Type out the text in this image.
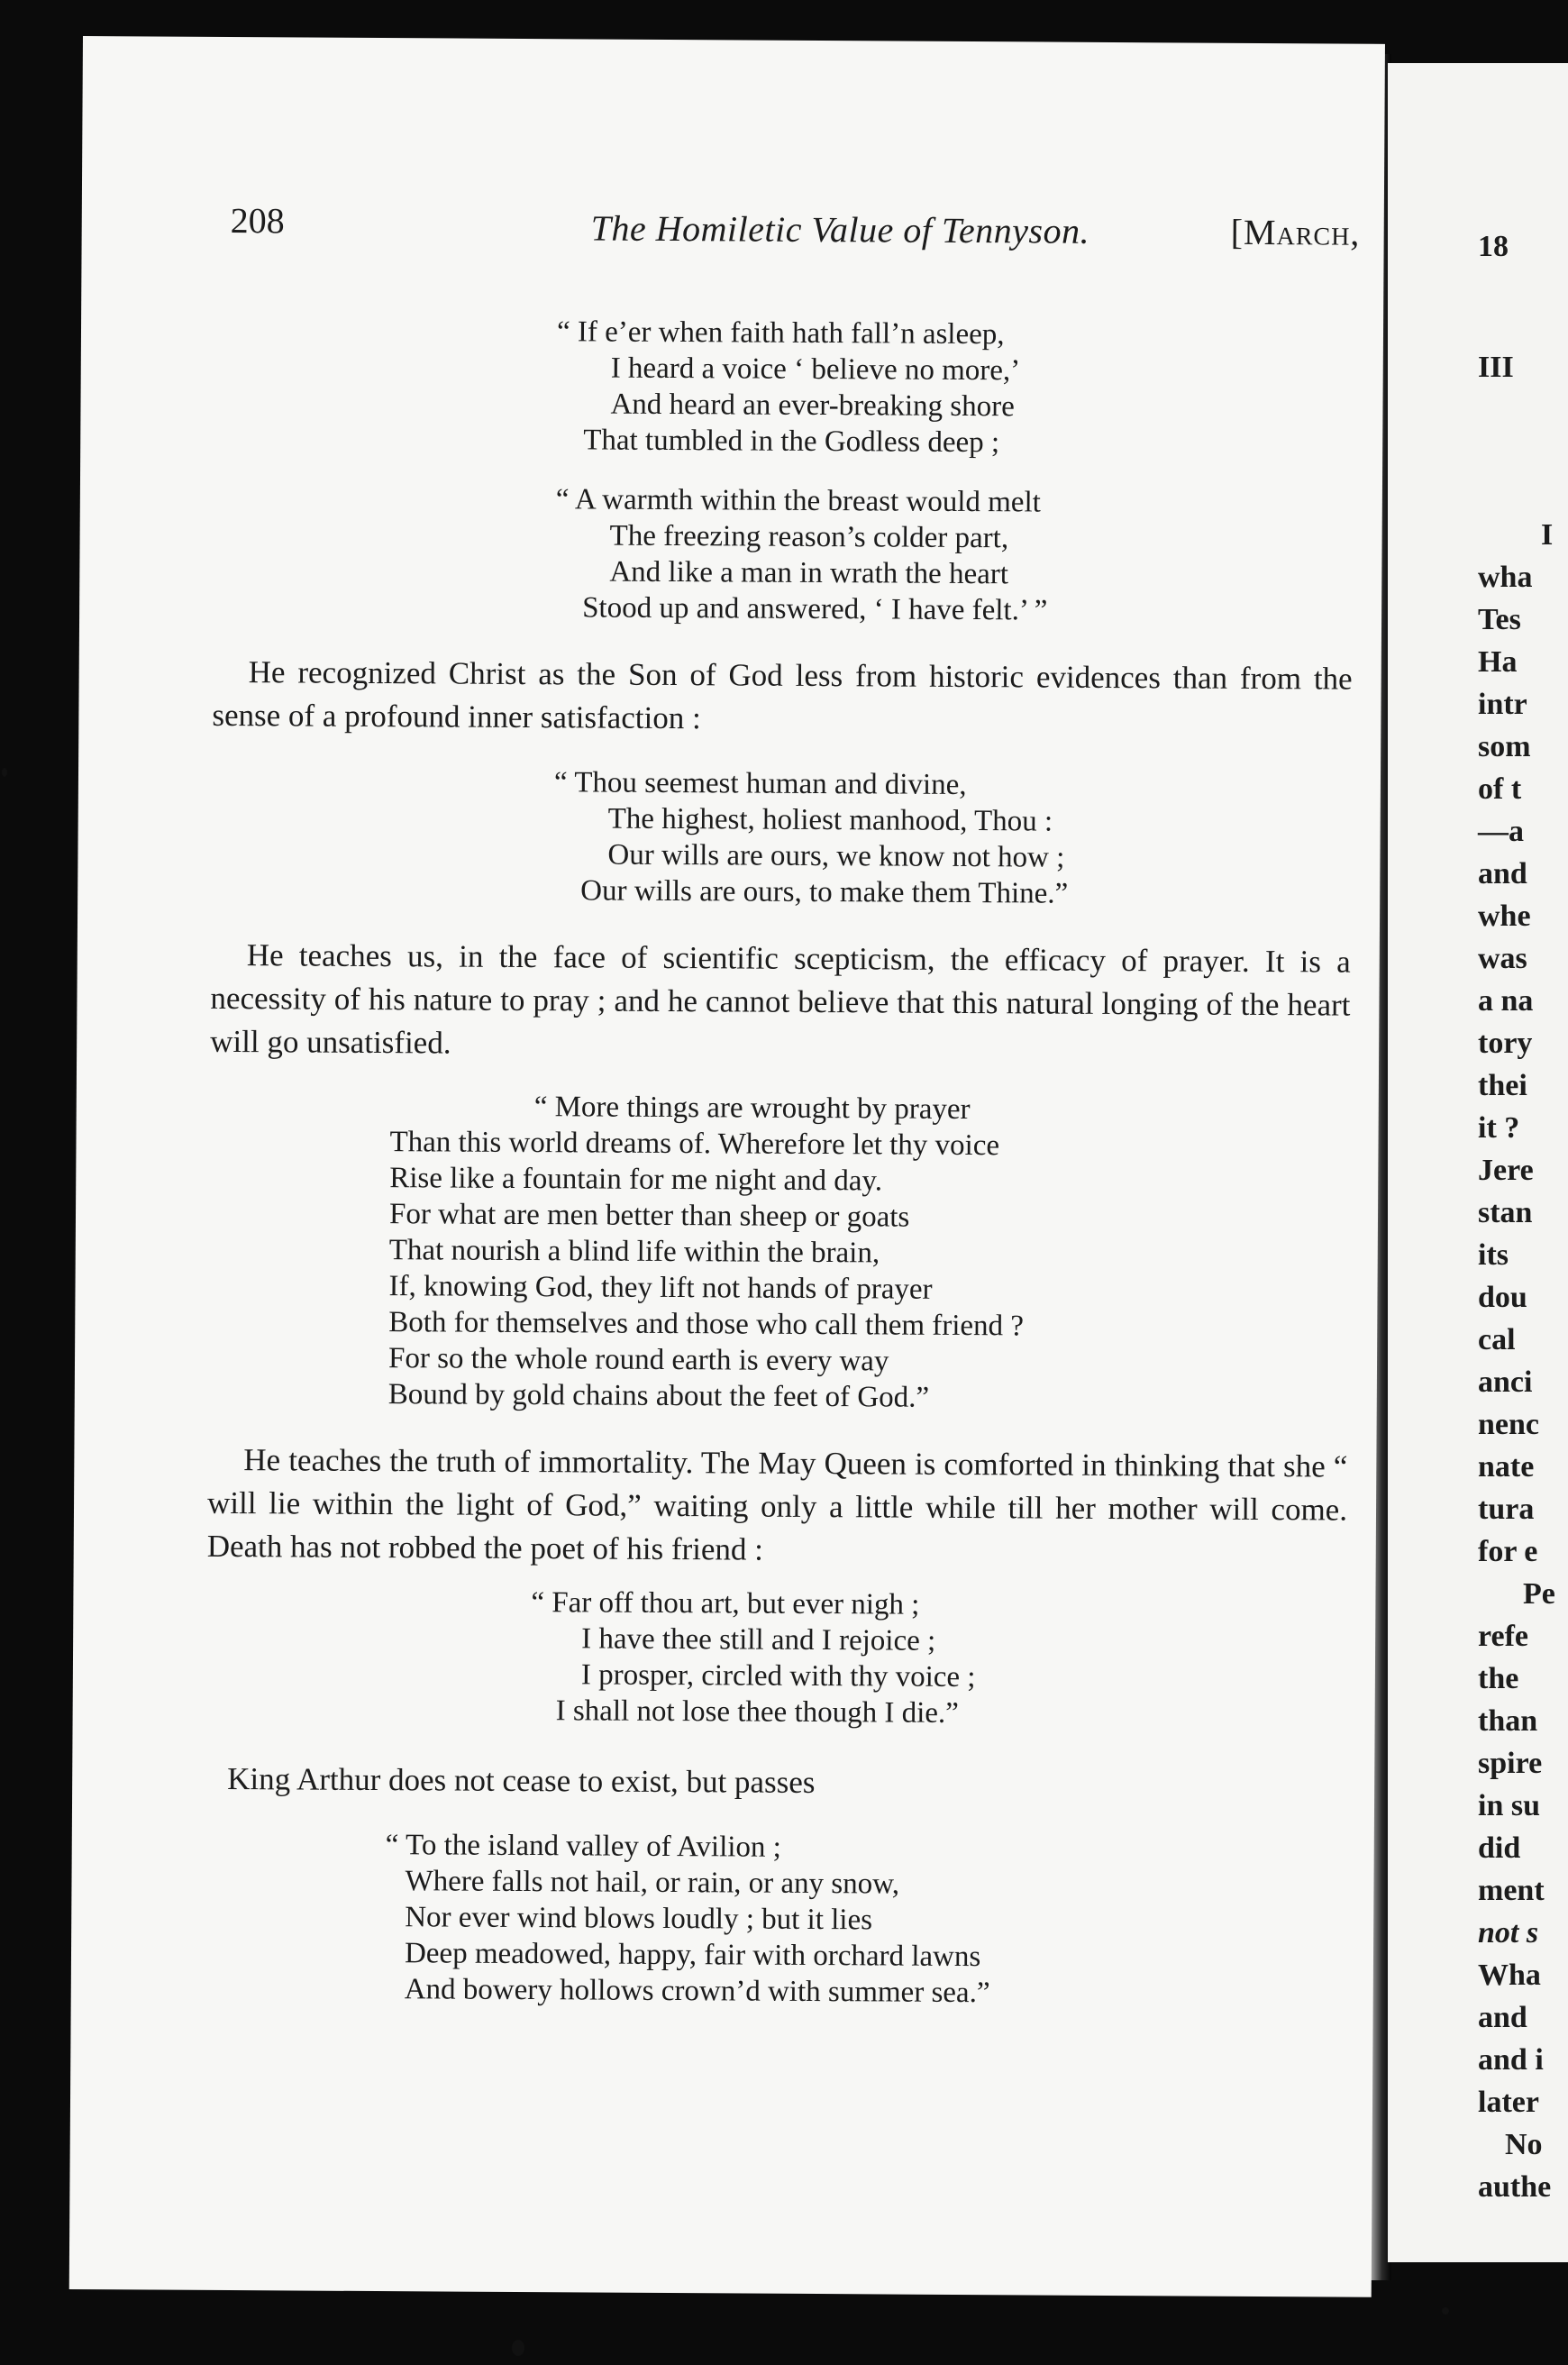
18
III
I
wha
Tes
Ha
intr
som
of t
—a
and
whe
was
a na
tory
thei
it ?
Jere
stan
its
dou
cal
anci
nenc
nate
tura
for e
Pe
refe
the
than
spire
in su
did
ment
not s
Wha
and
and i
later
No
authe
208	The Homiletic Value of Tennyson.	[March,
“ If e’er when faith hath fall’n asleep,
I heard a voice ‘ believe no more,’
And heard an ever-breaking shore
That tumbled in the Godless deep ;
“ A warmth within the breast would melt
The freezing reason’s colder part,
And like a man in wrath the heart
Stood up and answered, ‘ I have felt.’ ”

He recognized Christ as the Son of God less from historic evidences than from the sense of a profound inner satisfaction :

“ Thou seemest human and divine,
The highest, holiest manhood, Thou :
Our wills are ours, we know not how ;
Our wills are ours, to make them Thine.”

He teaches us, in the face of scientific scepticism, the efficacy of prayer. It is a necessity of his nature to pray ; and he cannot believe that this natural longing of the heart will go unsatisfied.

“ More things are wrought by prayer
Than this world dreams of. Wherefore let thy voice
Rise like a fountain for me night and day.
For what are men better than sheep or goats
That nourish a blind life within the brain,
If, knowing God, they lift not hands of prayer
Both for themselves and those who call them friend ?
For so the whole round earth is every way
Bound by gold chains about the feet of God.”

He teaches the truth of immortality. The May Queen is comforted in thinking that she “ will lie within the light of God,” waiting only a little while till her mother will come. Death has not robbed the poet of his friend :

“ Far off thou art, but ever nigh ;
I have thee still and I rejoice ;
I prosper, circled with thy voice ;
I shall not lose thee though I die.”

King Arthur does not cease to exist, but passes

“ To the island valley of Avilion ;
Where falls not hail, or rain, or any snow,
Nor ever wind blows loudly ; but it lies
Deep meadowed, happy, fair with orchard lawns
And bowery hollows crown’d with summer sea.”
